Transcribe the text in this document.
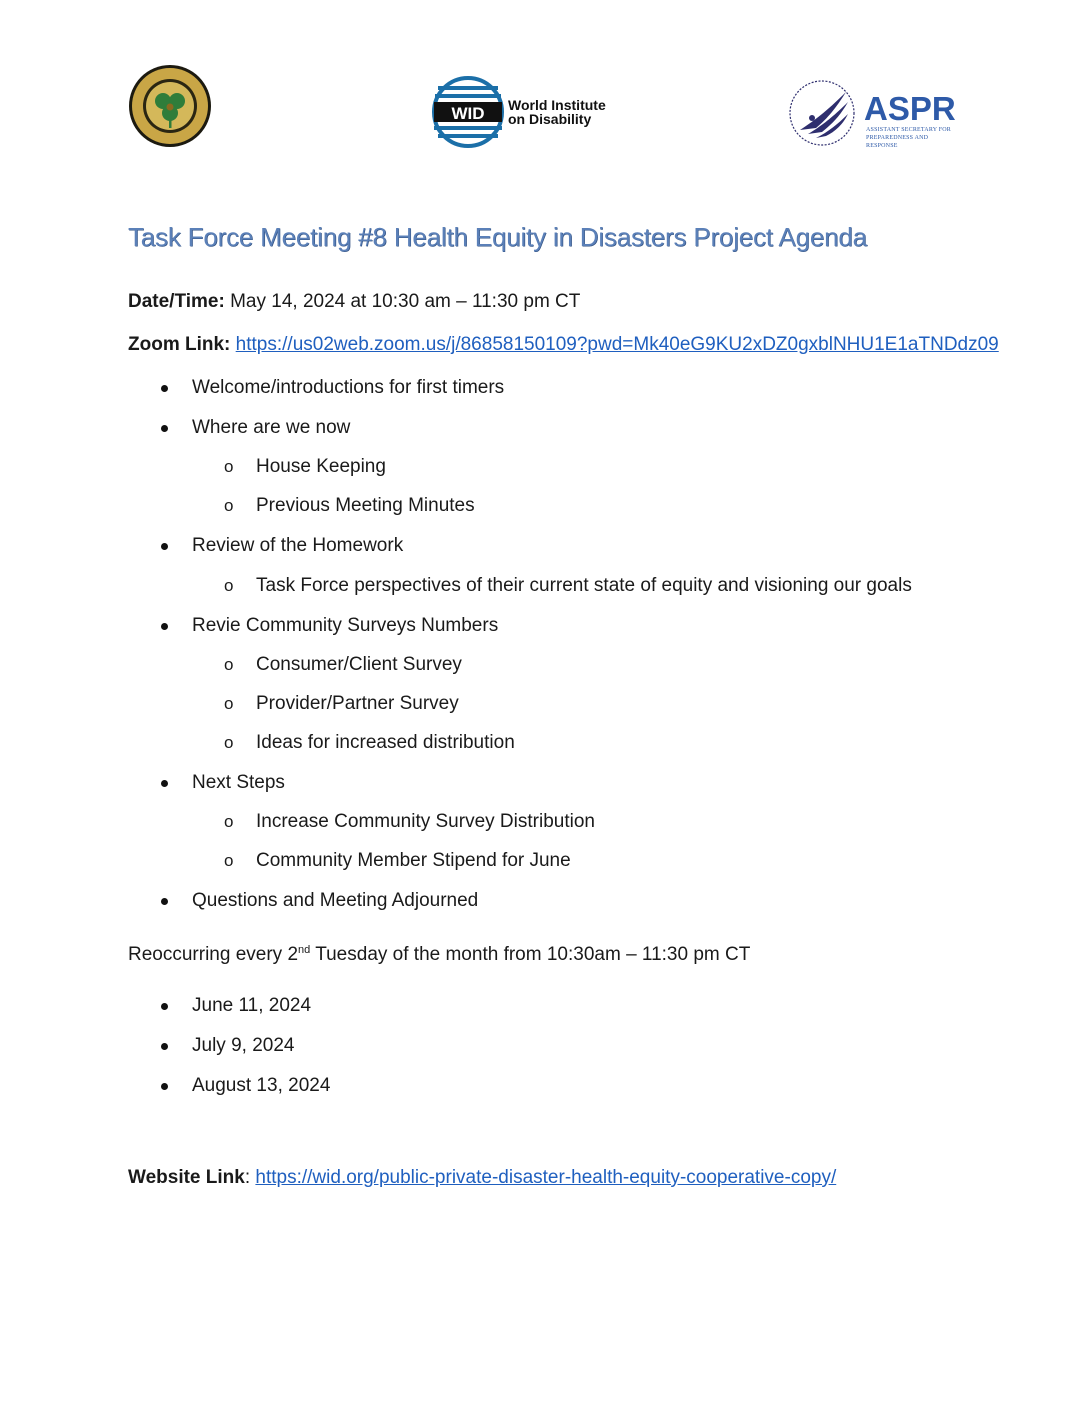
WID World Institute
on Disability	ASPR
ASSISTANT SECRETARY FOR PREPAREDNESS AND RESPONSE
Task Force Meeting #8 Health Equity in Disasters Project Agenda
Date/Time: May 14, 2024 at 10:30 am – 11:30 pm CT
Zoom Link: https://us02web.zoom.us/j/86858150109?pwd=Mk40eG9KU2xDZ0gxblNHU1E1aTNDdz09
Welcome/introductions for first timers
Where are we now
o House Keeping
o Previous Meeting Minutes
Review of the Homework
o Task Force perspectives of their current state of equity and visioning our goals
Revie Community Surveys Numbers
o Consumer/Client Survey
o Provider/Partner Survey
o Ideas for increased distribution
Next Steps
o Increase Community Survey Distribution
o Community Member Stipend for June
Questions and Meeting Adjourned
Reoccurring every 2nd Tuesday of the month from 10:30am – 11:30 pm CT
June 11, 2024
July 9, 2024
August 13, 2024
Website Link: https://wid.org/public-private-disaster-health-equity-cooperative-copy/
